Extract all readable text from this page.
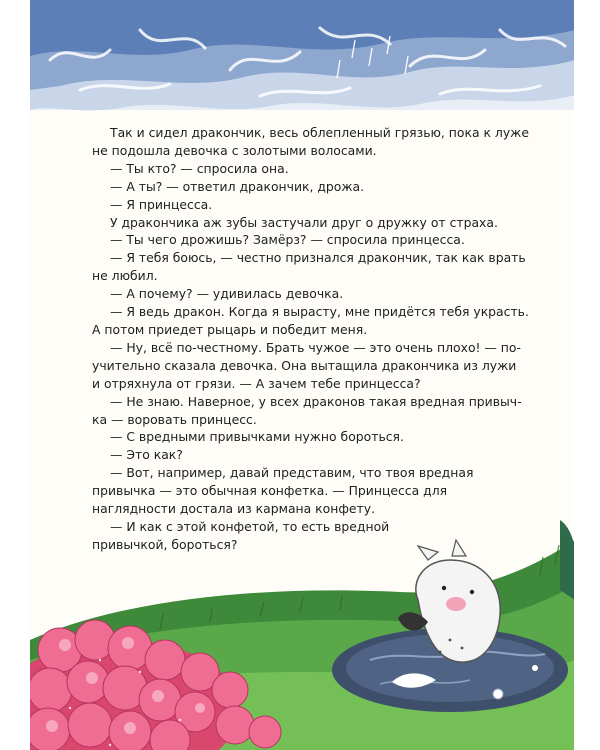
Так и сидел дракончик, весь облепленный грязью, пока к луже
не подошла девочка с золотыми волосами.
— Ты кто? — спросила она.
— А ты? — ответил дракончик, дрожа.
— Я принцесса.
У дракончика аж зубы застучали друг о дружку от страха.
— Ты чего дрожишь? Замёрз? — спросила принцесса.
— Я тебя боюсь, — честно признался дракончик, так как врать
не любил.
— А почему? — удивилась девочка.
— Я ведь дракон. Когда я вырасту, мне придётся тебя украсть.
А потом приедет рыцарь и победит меня.
— Ну, всё по-честному. Брать чужое — это очень плохо! — по-
учительно сказала девочка. Она вытащила дракончика из лужи
и отряхнула от грязи. — А зачем тебе принцесса?
— Не знаю. Наверное, у всех драконов такая вредная привыч-
ка — воровать принцесс.
— С вредными привычками нужно бороться.
— Это как?
— Вот, например, давай представим, что твоя вредная
привычка — это обычная конфетка. — Принцесса для
наглядности достала из кармана конфету.
— И как с этой конфетой, то есть вредной
привычкой, бороться?
